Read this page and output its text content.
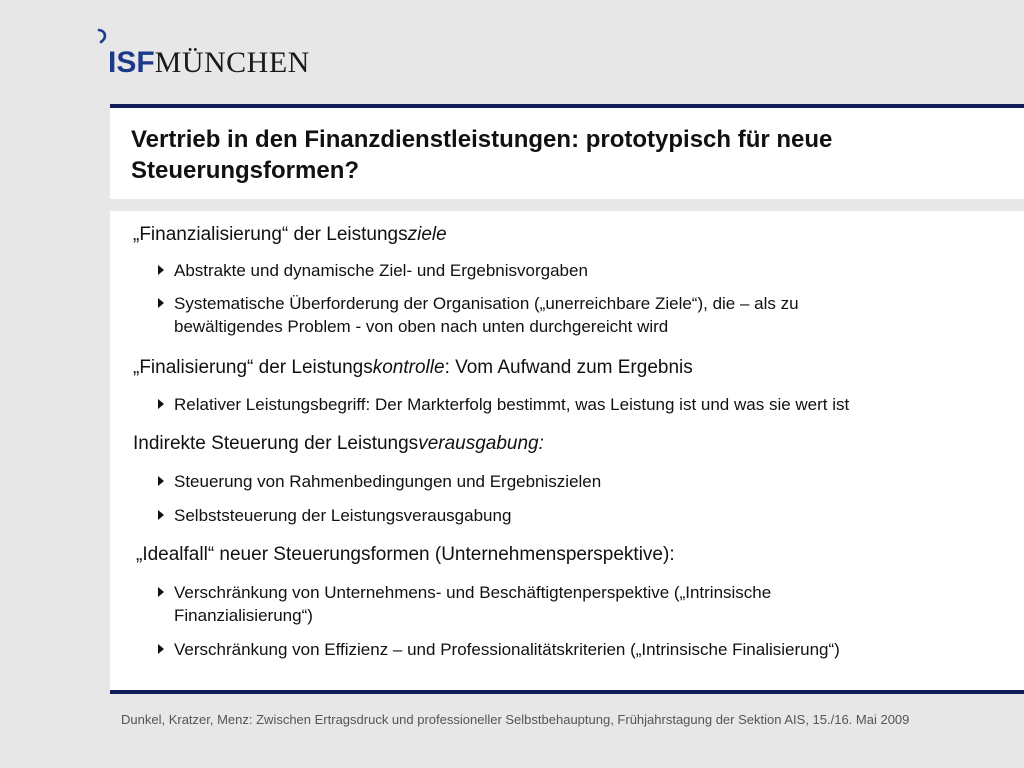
ISF MÜNCHEN
Vertrieb in den Finanzdienstleistungen: prototypisch für neue Steuerungsformen?
„Finanzialisierung“ der Leistungsziele
Abstrakte und dynamische Ziel- und Ergebnisvorgaben
Systematische Überforderung der Organisation („unerreichbare Ziele“), die – als zu bewältigendes Problem - von oben nach unten durchgereicht wird
„Finalisierung“ der Leistungskontrolle: Vom Aufwand zum Ergebnis
Relativer Leistungsbegriff: Der Markterfolg bestimmt, was Leistung ist und was sie wert ist
Indirekte Steuerung der Leistungsverausgabung:
Steuerung von Rahmenbedingungen und Ergebniszielen
Selbststeuerung der Leistungsverausgabung
„Idealfall“ neuer Steuerungsformen (Unternehmensperspektive):
Verschränkung von Unternehmens- und Beschäftigtenperspektive („Intrinsische Finanzialisierung“)
Verschränkung von Effizienz – und Professionalitätskriterien („Intrinsische Finalisierung“)
Dunkel, Kratzer, Menz: Zwischen Ertragsdruck und professioneller Selbstbehauptung, Frühjahrstagung der Sektion AIS, 15./16. Mai 2009
